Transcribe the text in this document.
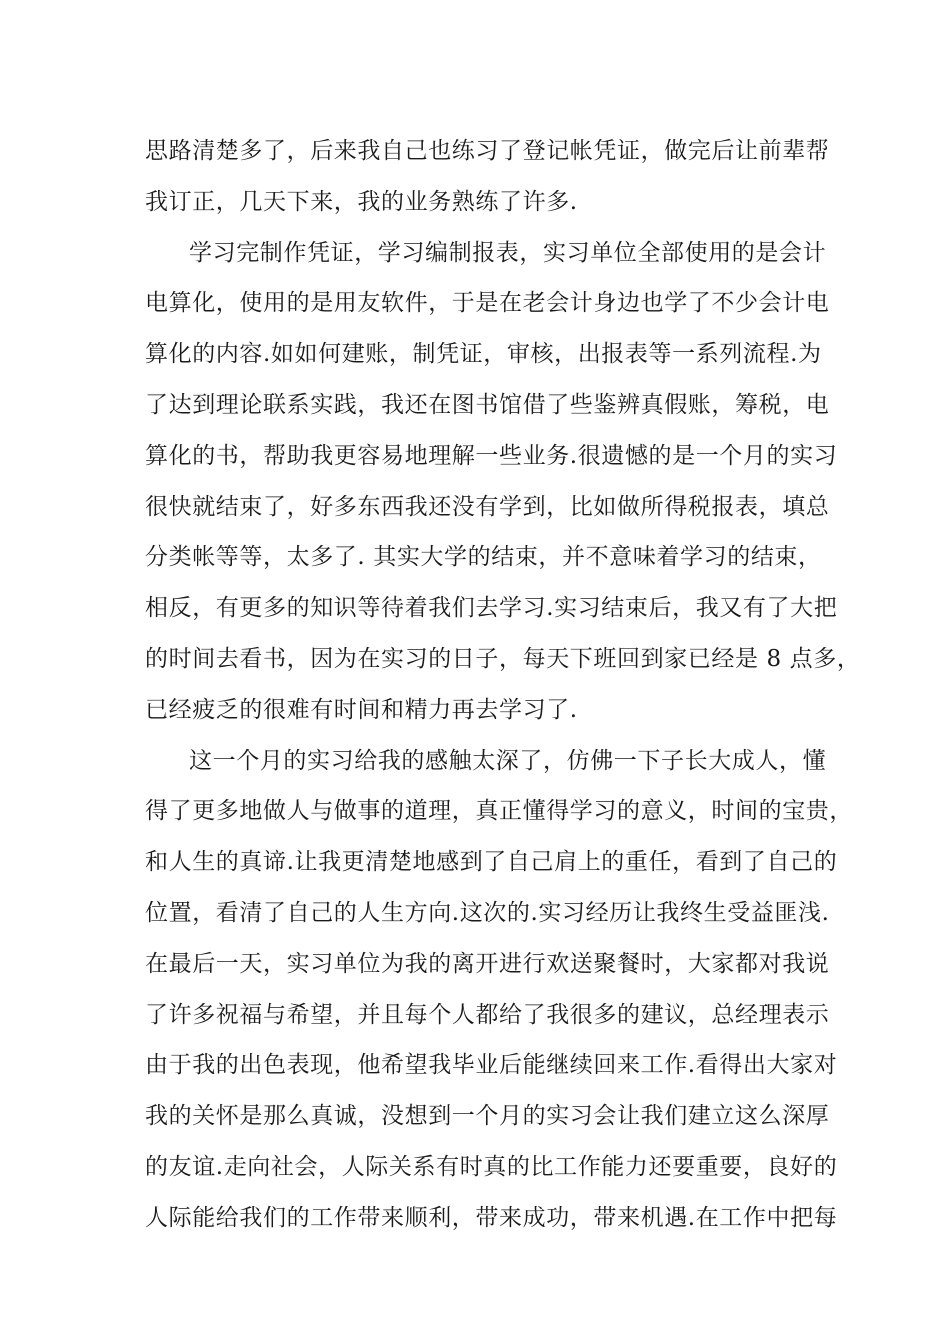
思路清楚多了，后来我自己也练习了登记帐凭证，做完后让前辈帮
我订正，几天下来，我的业务熟练了许多.
学习完制作凭证，学习编制报表，实习单位全部使用的是会计
电算化，使用的是用友软件，于是在老会计身边也学了不少会计电
算化的内容.如如何建账，制凭证，审核，出报表等一系列流程.为
了达到理论联系实践，我还在图书馆借了些鉴辨真假账，筹税，电
算化的书，帮助我更容易地理解一些业务.很遗憾的是一个月的实习
很快就结束了，好多东西我还没有学到，比如做所得税报表，填总
分类帐等等，太多了. 其实大学的结束，并不意味着学习的结束，
相反，有更多的知识等待着我们去学习.实习结束后，我又有了大把
的时间去看书，因为在实习的日子，每天下班回到家已经是 8 点多，
已经疲乏的很难有时间和精力再去学习了.
这一个月的实习给我的感触太深了，仿佛一下子长大成人，懂
得了更多地做人与做事的道理，真正懂得学习的意义，时间的宝贵，
和人生的真谛.让我更清楚地感到了自己肩上的重任，看到了自己的
位置，看清了自己的人生方向.这次的.实习经历让我终生受益匪浅.
在最后一天，实习单位为我的离开进行欢送聚餐时，大家都对我说
了许多祝福与希望，并且每个人都给了我很多的建议，总经理表示
由于我的出色表现，他希望我毕业后能继续回来工作.看得出大家对
我的关怀是那么真诚，没想到一个月的实习会让我们建立这么深厚
的友谊.走向社会，人际关系有时真的比工作能力还要重要，良好的
人际能给我们的工作带来顺利，带来成功，带来机遇.在工作中把每
